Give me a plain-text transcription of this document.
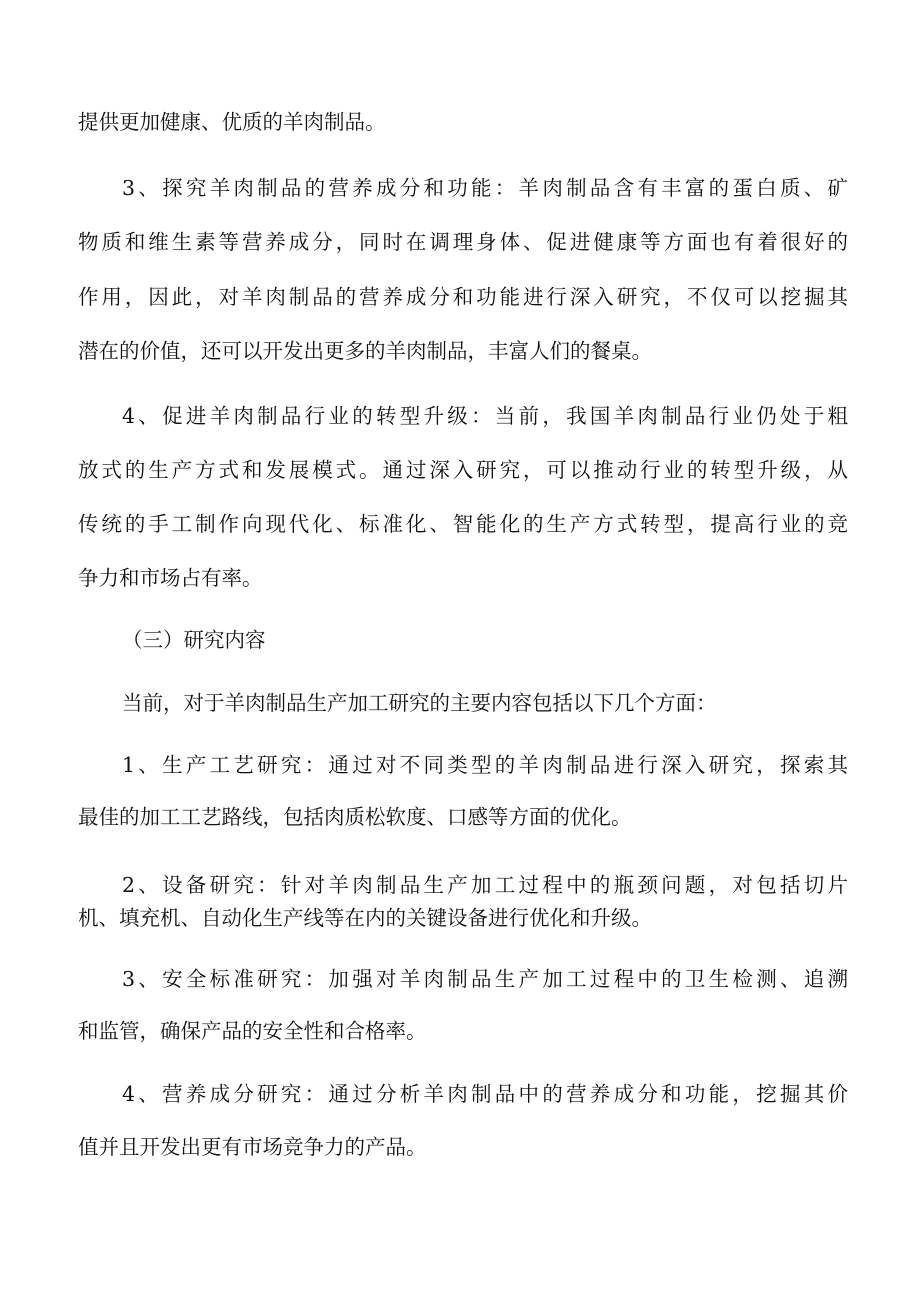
提供更加健康、优质的羊肉制品。

3、探究羊肉制品的营养成分和功能：羊肉制品含有丰富的蛋白质、矿

物质和维生素等营养成分，同时在调理身体、促进健康等方面也有着很好的

作用，因此，对羊肉制品的营养成分和功能进行深入研究，不仅可以挖掘其

潜在的价值，还可以开发出更多的羊肉制品，丰富人们的餐桌。

4、促进羊肉制品行业的转型升级：当前，我国羊肉制品行业仍处于粗

放式的生产方式和发展模式。通过深入研究，可以推动行业的转型升级，从

传统的手工制作向现代化、标准化、智能化的生产方式转型，提高行业的竞

争力和市场占有率。

（三）研究内容

当前，对于羊肉制品生产加工研究的主要内容包括以下几个方面：

1、生产工艺研究：通过对不同类型的羊肉制品进行深入研究，探索其

最佳的加工工艺路线，包括肉质松软度、口感等方面的优化。

2、设备研究：针对羊肉制品生产加工过程中的瓶颈问题，对包括切片

机、填充机、自动化生产线等在内的关键设备进行优化和升级。

3、安全标准研究：加强对羊肉制品生产加工过程中的卫生检测、追溯

和监管，确保产品的安全性和合格率。

4、营养成分研究：通过分析羊肉制品中的营养成分和功能，挖掘其价

值并且开发出更有市场竞争力的产品。
